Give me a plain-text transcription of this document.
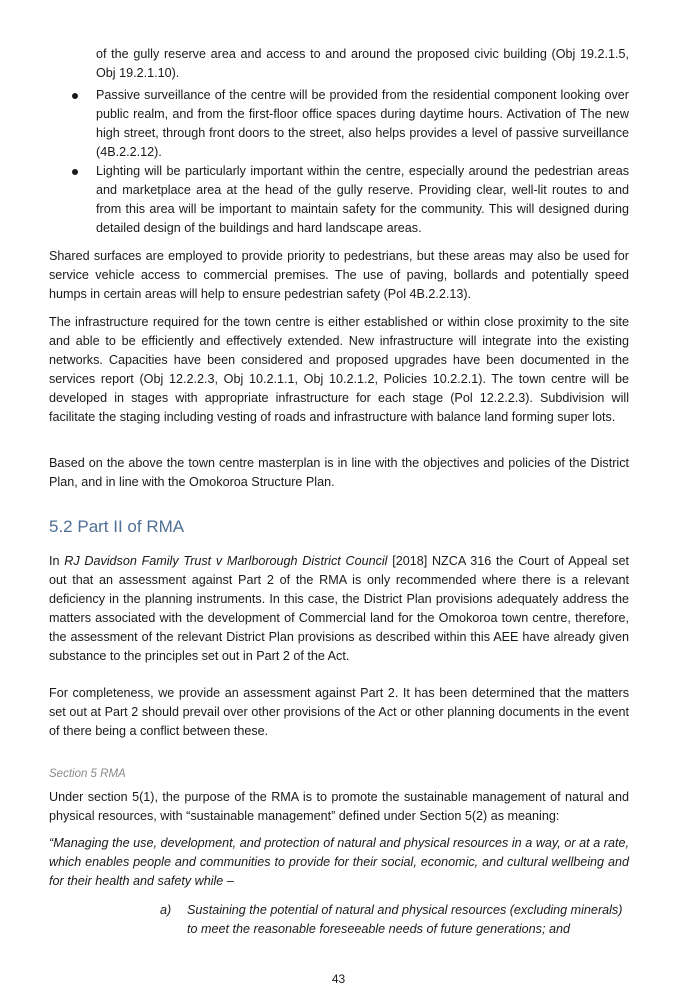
of the gully reserve area and access to and around the proposed civic building (Obj 19.2.1.5, Obj 19.2.1.10).

Passive surveillance of the centre will be provided from the residential component looking over public realm, and from the first-floor office spaces during daytime hours. Activation of The new high street, through front doors to the street, also helps provides a level of passive surveillance (4B.2.2.12).

Lighting will be particularly important within the centre, especially around the pedestrian areas and marketplace area at the head of the gully reserve. Providing clear, well-lit routes to and from this area will be important to maintain safety for the community. This will designed during detailed design of the buildings and hard landscape areas.

Shared surfaces are employed to provide priority to pedestrians, but these areas may also be used for service vehicle access to commercial premises. The use of paving, bollards and potentially speed humps in certain areas will help to ensure pedestrian safety (Pol 4B.2.2.13).

The infrastructure required for the town centre is either established or within close proximity to the site and able to be efficiently and effectively extended. New infrastructure will integrate into the existing networks. Capacities have been considered and proposed upgrades have been documented in the services report (Obj 12.2.2.3, Obj 10.2.1.1, Obj 10.2.1.2, Policies 10.2.2.1). The town centre will be developed in stages with appropriate infrastructure for each stage (Pol 12.2.2.3). Subdivision will facilitate the staging including vesting of roads and infrastructure with balance land forming super lots.

Based on the above the town centre masterplan is in line with the objectives and policies of the District Plan, and in line with the Omokoroa Structure Plan.

5.2 Part II of RMA

In RJ Davidson Family Trust v Marlborough District Council [2018] NZCA 316 the Court of Appeal set out that an assessment against Part 2 of the RMA is only recommended where there is a relevant deficiency in the planning instruments. In this case, the District Plan provisions adequately address the matters associated with the development of Commercial land for the Omokoroa town centre, therefore, the assessment of the relevant District Plan provisions as described within this AEE have already given substance to the principles set out in Part 2 of the Act.

For completeness, we provide an assessment against Part 2. It has been determined that the matters set out at Part 2 should prevail over other provisions of the Act or other planning documents in the event of there being a conflict between these.

Section 5 RMA

Under section 5(1), the purpose of the RMA is to promote the sustainable management of natural and physical resources, with “sustainable management” defined under Section 5(2) as meaning:

“Managing the use, development, and protection of natural and physical resources in a way, or at a rate, which enables people and communities to provide for their social, economic, and cultural wellbeing and for their health and safety while –

a) Sustaining the potential of natural and physical resources (excluding minerals) to meet the reasonable foreseeable needs of future generations; and

43
